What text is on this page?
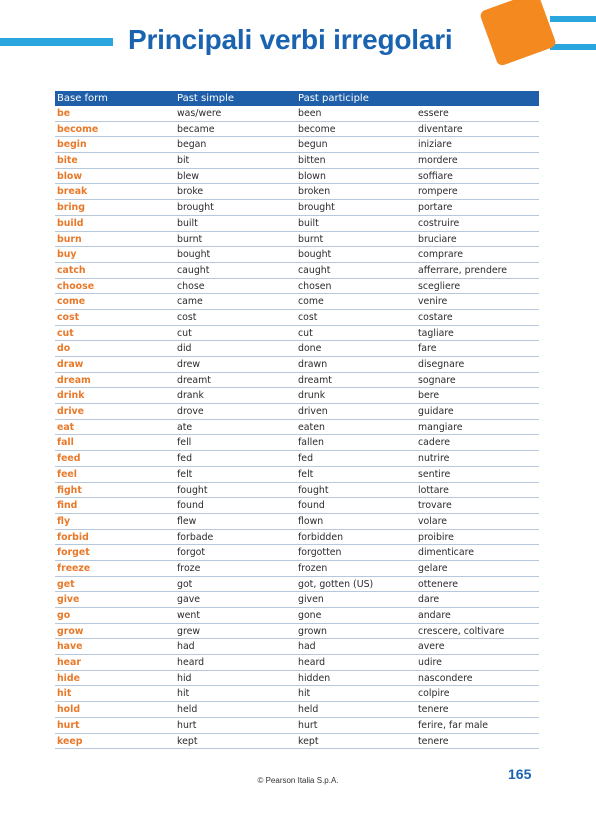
Principali verbi irregolari
Base form	Past simple	Past participle
be	was/were	been	essere
become	became	become	diventare
begin	began	begun	iniziare
bite	bit	bitten	mordere
blow	blew	blown	soffiare
break	broke	broken	rompere
bring	brought	brought	portare
build	built	built	costruire
burn	burnt	burnt	bruciare
buy	bought	bought	comprare
catch	caught	caught	afferrare, prendere
choose	chose	chosen	scegliere
come	came	come	venire
cost	cost	cost	costare
cut	cut	cut	tagliare
do	did	done	fare
draw	drew	drawn	disegnare
dream	dreamt	dreamt	sognare
drink	drank	drunk	bere
drive	drove	driven	guidare
eat	ate	eaten	mangiare
fall	fell	fallen	cadere
feed	fed	fed	nutrire
feel	felt	felt	sentire
fight	fought	fought	lottare
find	found	found	trovare
fly	flew	flown	volare
forbid	forbade	forbidden	proibire
forget	forgot	forgotten	dimenticare
freeze	froze	frozen	gelare
get	got	got, gotten (US)	ottenere
give	gave	given	dare
go	went	gone	andare
grow	grew	grown	crescere, coltivare
have	had	had	avere
hear	heard	heard	udire
hide	hid	hidden	nascondere
hit	hit	hit	colpire
hold	held	held	tenere
hurt	hurt	hurt	ferire, far male
keep	kept	kept	tenere
© Pearson Italia S.p.A.	165
